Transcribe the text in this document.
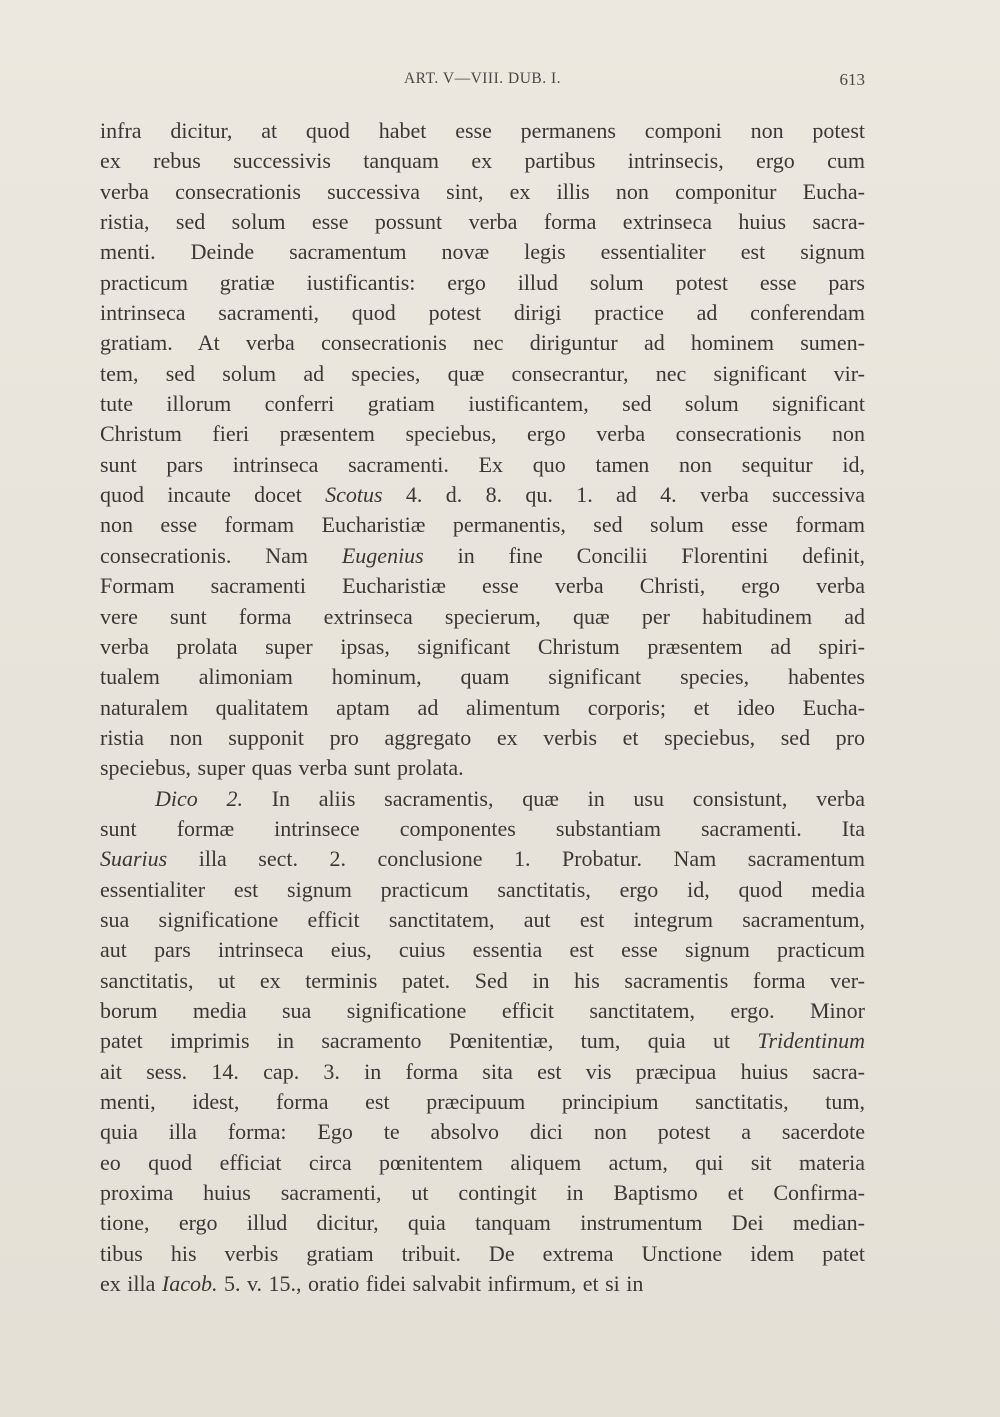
ART. V—VIII. DUB. I.	613
infra dicitur, at quod habet esse permanens componi non potest
ex rebus successivis tanquam ex partibus intrinsecis, ergo cum
verba consecrationis successiva sint, ex illis non componitur Eucha-
ristia, sed solum esse possunt verba forma extrinseca huius sacra-
menti. Deinde sacramentum novæ legis essentialiter est signum
practicum gratiæ iustificantis: ergo illud solum potest esse pars
intrinseca sacramenti, quod potest dirigi practice ad conferendam
gratiam. At verba consecrationis nec diriguntur ad hominem sumen-
tem, sed solum ad species, quæ consecrantur, nec significant vir-
tute illorum conferri gratiam iustificantem, sed solum significant
Christum fieri præsentem speciebus, ergo verba consecrationis non
sunt pars intrinseca sacramenti. Ex quo tamen non sequitur id,
quod incaute docet Scotus 4. d. 8. qu. 1. ad 4. verba successiva
non esse formam Eucharistiæ permanentis, sed solum esse formam
consecrationis. Nam Eugenius in fine Concilii Florentini definit,
Formam sacramenti Eucharistiæ esse verba Christi, ergo verba
vere sunt forma extrinseca specierum, quæ per habitudinem ad
verba prolata super ipsas, significant Christum præsentem ad spiri-
tualem alimoniam hominum, quam significant species, habentes
naturalem qualitatem aptam ad alimentum corporis; et ideo Eucha-
ristia non supponit pro aggregato ex verbis et speciebus, sed pro
speciebus, super quas verba sunt prolata.
Dico 2. In aliis sacramentis, quæ in usu consistunt, verba
sunt formæ intrinsece componentes substantiam sacramenti. Ita
Suarius illa sect. 2. conclusione 1. Probatur. Nam sacramentum
essentialiter est signum practicum sanctitatis, ergo id, quod media
sua significatione efficit sanctitatem, aut est integrum sacramentum,
aut pars intrinseca eius, cuius essentia est esse signum practicum
sanctitatis, ut ex terminis patet. Sed in his sacramentis forma ver-
borum media sua significatione efficit sanctitatem, ergo. Minor
patet imprimis in sacramento Pœnitentiæ, tum, quia ut Tridentinum
ait sess. 14. cap. 3. in forma sita est vis præcipua huius sacra-
menti, idest, forma est præcipuum principium sanctitatis, tum,
quia illa forma: Ego te absolvo dici non potest a sacerdote
eo quod efficiat circa pœnitentem aliquem actum, qui sit materia
proxima huius sacramenti, ut contingit in Baptismo et Confirma-
tione, ergo illud dicitur, quia tanquam instrumentum Dei median-
tibus his verbis gratiam tribuit. De extrema Unctione idem patet
ex illa Iacob. 5. v. 15., oratio fidei salvabit infirmum, et si in
